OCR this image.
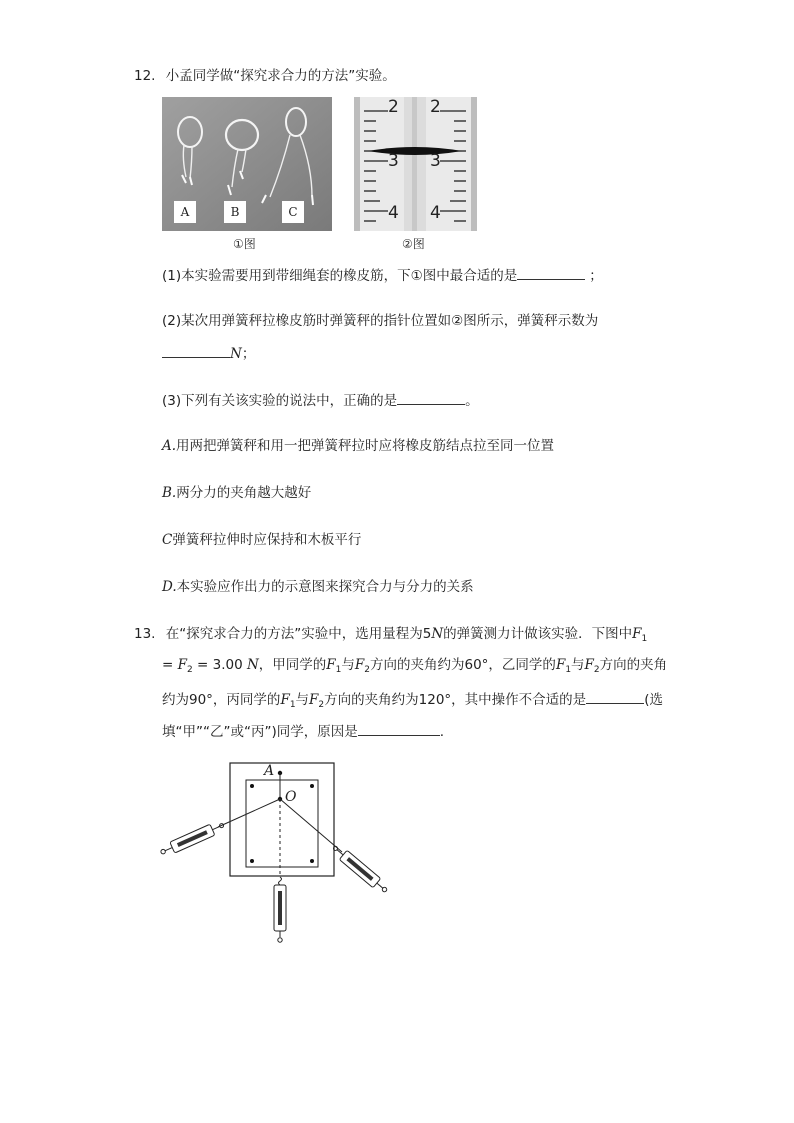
12. 小孟同学做“探究求合力的方法”实验。
A	B	C
①图
2 2
3 3
4 4
②图
(1)本实验需要用到带细绳套的橡皮筋，下①图中最合适的是	；
(2)某次用弹簧秤拉橡皮筋时弹簧秤的指针位置如②图所示，弹簧秤示数为
N；
(3)下列有关该实验的说法中，正确的是	。
A.用两把弹簧秤和用一把弹簧秤拉时应将橡皮筋结点拉至同一位置
B.两分力的夹角越大越好
C弹簧秤拉伸时应保持和木板平行
D.本实验应作出力的示意图来探究合力与分力的关系
13. 在“探究求合力的方法”实验中，选用量程为5N的弹簧测力计做该实验．下图中$F_1$
= $F_2 = 3.00$ N，甲同学的$F_1$与$F_2$方向的夹角约为60°，乙同学的$F_1$与$F_2$方向的夹角
约为90°，丙同学的$F_1$与$F_2$方向的夹角约为120°，其中操作不合适的是	(选
填“甲”“乙”或“丙”)同学，原因是	.
A
O
